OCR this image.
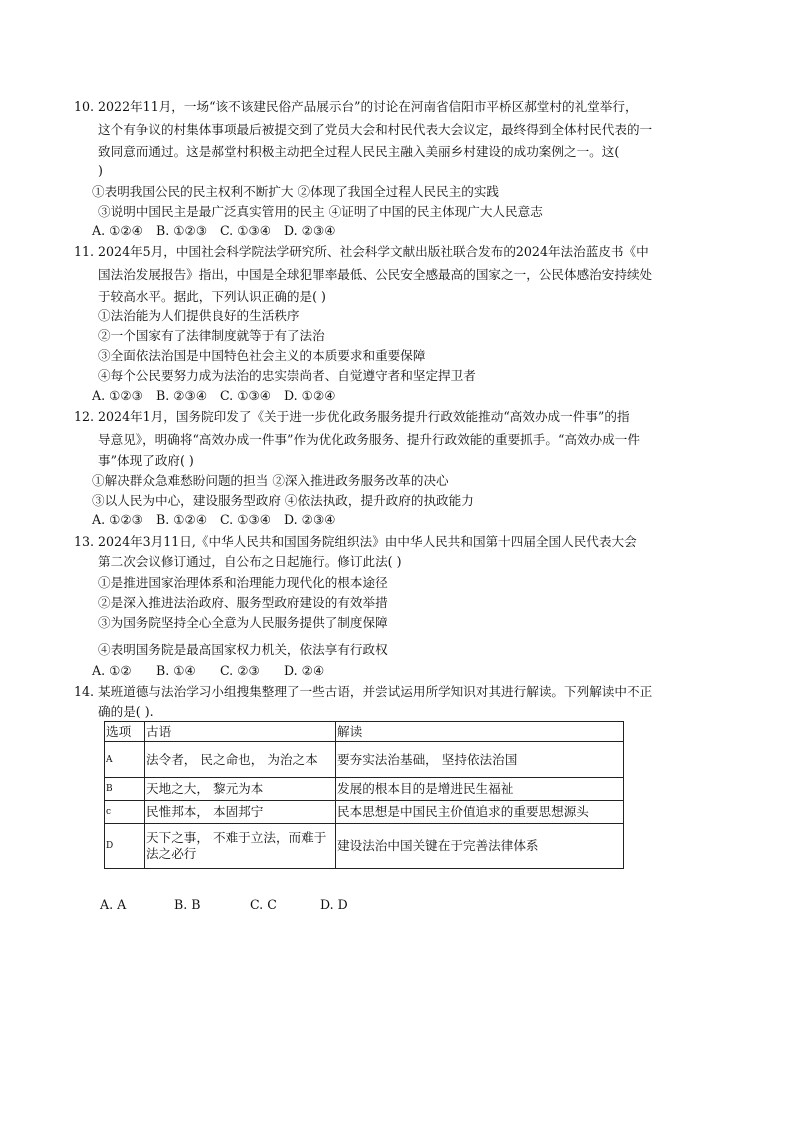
10. 2022年11月，一场“该不该建民俗产品展示台”的讨论在河南省信阳市平桥区郝堂村的礼堂举行，
这个有争议的村集体事项最后被提交到了党员大会和村民代表大会议定，最终得到全体村民代表的一
致同意而通过。这是郝堂村积极主动把全过程人民民主融入美丽乡村建设的成功案例之一。这(
)
①表明我国公民的民主权利不断扩大 ②体现了我国全过程人民民主的实践
③说明中国民主是最广泛真实管用的民主 ④证明了中国的民主体现广大人民意志
A. ①②④ B. ①②③ C. ①③④ D. ②③④
11. 2024年5月，中国社会科学院法学研究所、社会科学文献出版社联合发布的2024年法治蓝皮书《中
国法治发展报告》指出，中国是全球犯罪率最低、公民安全感最高的国家之一，公民体感治安持续处
于较高水平。据此，下列认识正确的是( )
①法治能为人们提供良好的生活秩序
②一个国家有了法律制度就等于有了法治
③全面依法治国是中国特色社会主义的本质要求和重要保障
④每个公民要努力成为法治的忠实崇尚者、自觉遵守者和坚定捍卫者
A. ①②③ B. ②③④ C. ①③④ D. ①②④
12. 2024年1月，国务院印发了《关于进一步优化政务服务提升行政效能推动“高效办成一件事”的指
导意见》，明确将“高效办成一件事”作为优化政务服务、提升行政效能的重要抓手。“高效办成一件
事”体现了政府( )
①解决群众急难愁盼问题的担当 ②深入推进政务服务改革的决心
③以人民为中心，建设服务型政府 ④依法执政，提升政府的执政能力
A. ①②③ B. ①②④ C. ①③④ D. ②③④
13. 2024年3月11日,《中华人民共和国国务院组织法》由中华人民共和国第十四届全国人民代表大会
第二次会议修订通过，自公布之日起施行。修订此法( )
①是推进国家治理体系和治理能力现代化的根本途径
②是深入推进法治政府、服务型政府建设的有效举措
③为国务院坚持全心全意为人民服务提供了制度保障
④表明国务院是最高国家权力机关，依法享有行政权
A. ①② B. ①④ C. ②③ D. ②④
14. 某班道德与法治学习小组搜集整理了一些古语，并尝试运用所学知识对其进行解读。下列解读中不正
确的是( ).
选项	古语	解读
A	法令者， 民之命也， 为治之本	要夯实法治基础， 坚持依法治国
B	天地之大， 黎元为本	发展的根本目的是增进民生福祉
c	民惟邦本， 本固邦宁	民本思想是中国民主价值追求的重要思想源头
D	天下之事， 不难于立法，而难于法之必行	建设法治中国关键在于完善法律体系
A. A	B. B	C. C	D. D
